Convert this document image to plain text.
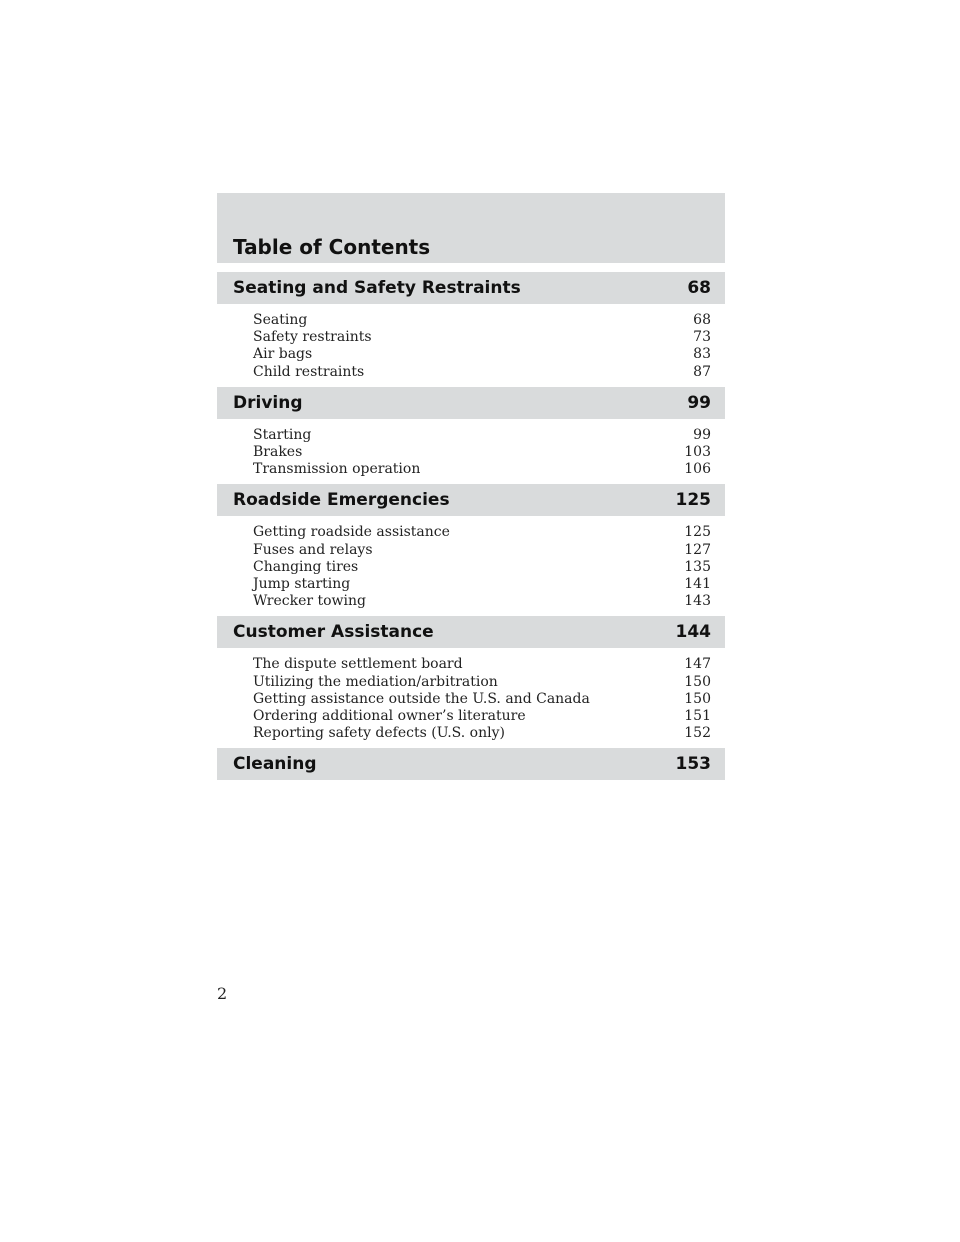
Table of Contents
Seating and Safety Restraints	68
Seating	68
Safety restraints	73
Air bags	83
Child restraints	87
Driving	99
Starting	99
Brakes	103
Transmission operation	106
Roadside Emergencies	125
Getting roadside assistance	125
Fuses and relays	127
Changing tires	135
Jump starting	141
Wrecker towing	143
Customer Assistance	144
The dispute settlement board	147
Utilizing the mediation/arbitration	150
Getting assistance outside the U.S. and Canada	150
Ordering additional owner’s literature	151
Reporting safety defects (U.S. only)	152
Cleaning	153
2
